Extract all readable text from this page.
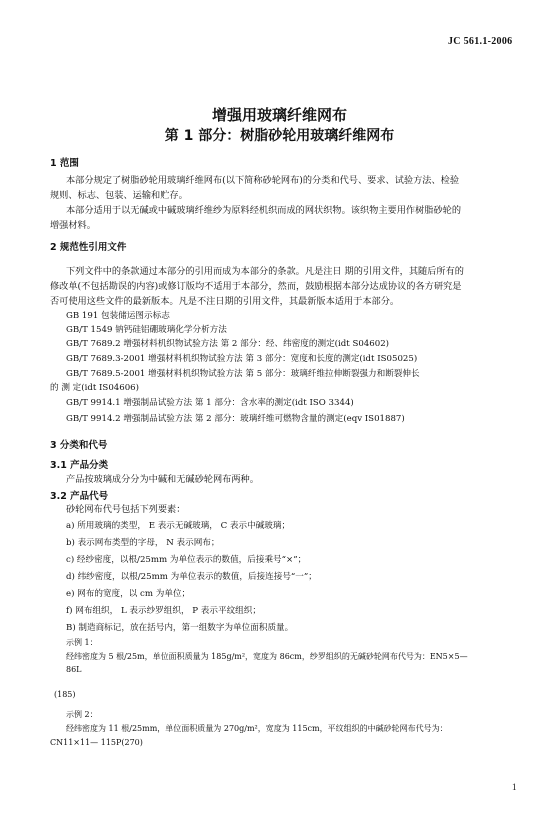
JC 561.1-2006
增强用玻璃纤维网布
第 1 部分：树脂砂轮用玻璃纤维网布
1 范围
本部分规定了树脂砂轮用玻璃纤维网布(以下简称砂轮网布)的分类和代号、要求、试验方法、检验
规则、标志、包装、运输和贮存。
本部分适用于以无碱或中碱玻璃纤维纱为原料经机织而成的网状织物。该织物主要用作树脂砂轮的
增强材料。
2 规范性引用文件
下列文件中的条款通过本部分的引用而成为本部分的条款。凡是注日 期的引用文件，其随后所有的
修改单(不包括勘误的内容)或修订版均不适用于本部分，然而，鼓励根据本部分达成协议的各方研究是
否可使用这些文件的最新版本。凡是不注日期的引用文件，其最新版本适用于本部分。
GB 191 包装储运图示标志
GB/T 1549 钠钙硅铝硼玻璃化学分析方法
GB/T 7689.2 增强材料机织物试验方法 第 2 部分：经、纬密度的测定(idt S04602)
GB/T 7689.3-2001 增强材料机织物试验方法 第 3 部分：宽度和长度的测定(idt IS05025)
GB/T 7689.5-2001 增强材料机织物试验方法 第 5 部分：玻璃纤维拉伸断裂强力和断裂伸长
的 测 定(idt IS04606)
GB/T 9914.1 增强制品试验方法 第 1 部分：含水率的测定(idt ISO 3344)
GB/T 9914.2 增强制品试验方法 第 2 部分：玻璃纤维可燃物含量的测定(eqv IS01887)
3 分类和代号
3.1 产品分类
产品按玻璃成分分为中碱和无碱砂轮网布两种。
3.2 产品代号
砂轮网布代号包括下列要素：
a) 所用玻璃的类型， E 表示无碱玻璃， C 表示中碱玻璃；
b) 表示网布类型的字母， N 表示网布；
c) 经纱密度，以根/25mm 为单位表示的数值，后接乘号“×”；
d) 纬纱密度，以根/25mm 为单位表示的数值，后接连接号“一”；
e) 网布的宽度，以 cm 为单位；
f) 网布组织， L 表示纱罗组织， P 表示平纹组织；
B) 制造商标记，放在括号内，第一组数字为单位面积质量。
示例 1：
经纬密度为 5 根/25m，单位面积质量为 185g/m²，宽度为 86cm，纱罗组织的无碱砂轮网布代号为：EN5×5—
86L
(185)
示例 2：
经纬密度为 11 根/25mm，单位面积质量为 270g/m²，宽度为 115cm，平纹组织的中碱砂轮网布代号为：
CN11×11— 115P(270)
1
